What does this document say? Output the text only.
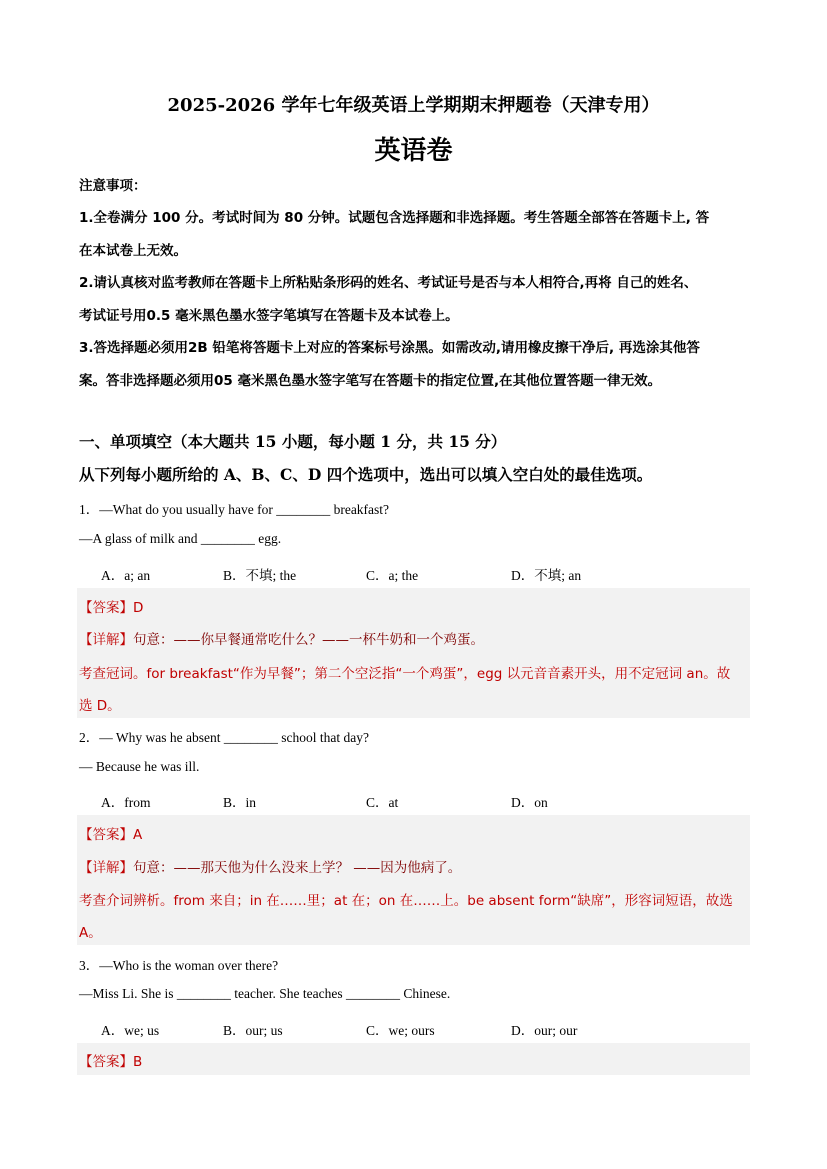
2025-2026 学年七年级英语上学期期末押题卷（天津专用）
英语卷
注意事项：
1.全卷满分 100 分。考试时间为 80 分钟。试题包含选择题和非选择题。考生答题全部答在答题卡上, 答
在本试卷上无效。
2.请认真核对监考教师在答题卡上所粘贴条形码的姓名、考试证号是否与本人相符合,再将 自己的姓名、
考试证号用0.5 毫米黑色墨水签字笔填写在答题卡及本试卷上。
3.答选择题必须用2B 铅笔将答题卡上对应的答案标号涂黑。如需改动,请用橡皮擦干净后, 再选涂其他答
案。答非选择题必须用05 毫米黑色墨水签字笔写在答题卡的指定位置,在其他位置答题一律无效。
一、单项填空（本大题共 15 小题，每小题 1 分，共 15 分）
从下列每小题所给的 A、B、C、D 四个选项中，选出可以填入空白处的最佳选项。
1．—What do you usually have for ________ breakfast?
—A glass of milk and ________ egg.
A．a; an	B．不填; the	C．a; the	D．不填; an
【答案】D
【详解】句意：——你早餐通常吃什么？——一杯牛奶和一个鸡蛋。
考查冠词。for breakfast“作为早餐”；第二个空泛指“一个鸡蛋”，egg 以元音音素开头，用不定冠词 an。故
选 D。
2．— Why was he absent ________ school that day?
— Because he was ill.
A．from	B．in	C．at	D．on
【答案】A
【详解】句意：——那天他为什么没来上学？ ——因为他病了。
考查介词辨析。from 来自；in 在……里；at 在；on 在……上。be absent form“缺席”，形容词短语，故选
A。
3．—Who is the woman over there?
—Miss Li. She is ________ teacher. She teaches ________ Chinese.
A．we; us	B．our; us	C．we; ours	D．our; our
【答案】B
